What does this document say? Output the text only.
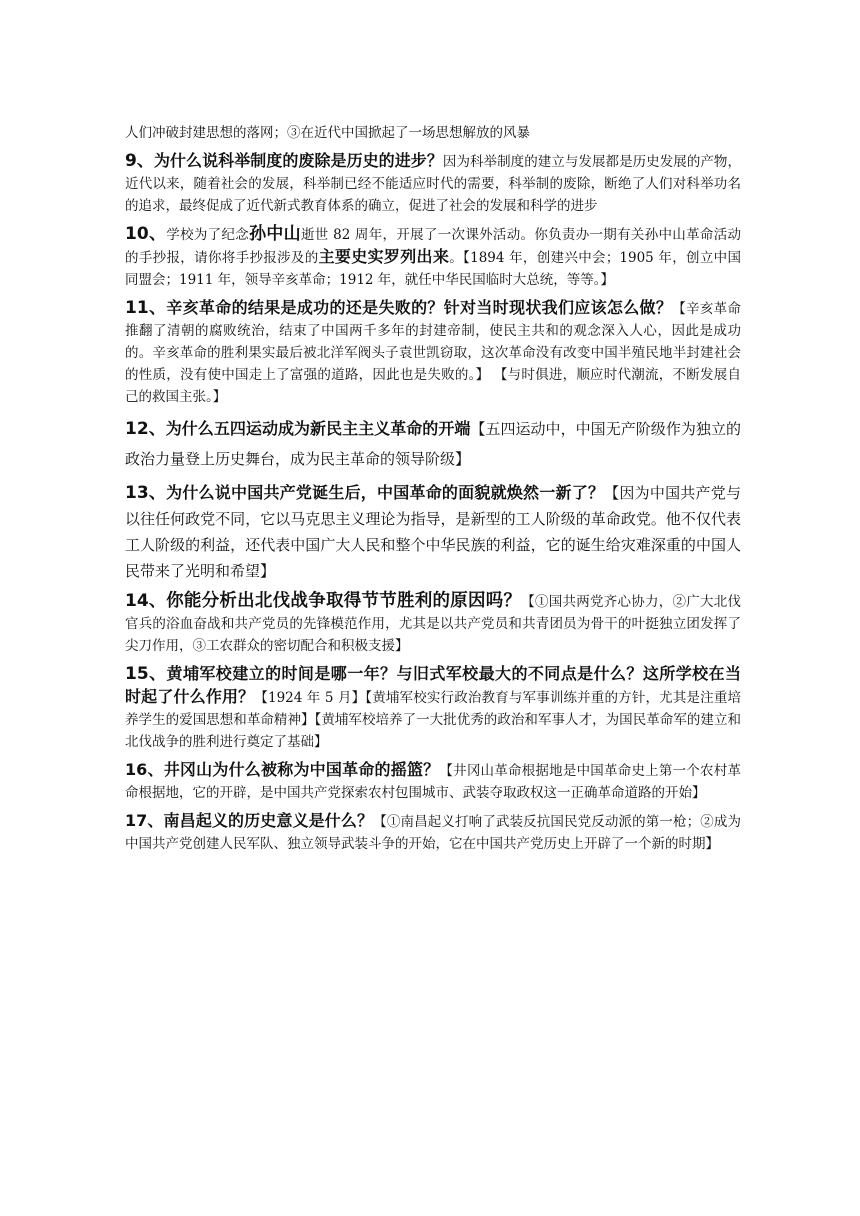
人们冲破封建思想的落网；③在近代中国掀起了一场思想解放的风暴

9、为什么说科举制度的废除是历史的进步？因为科举制度的建立与发展都是历史发展的产物，近代以来，随着社会的发展，科举制已经不能适应时代的需要，科举制的废除，断绝了人们对科举功名的追求，最终促成了近代新式教育体系的确立，促进了社会的发展和科学的进步

10、学校为了纪念孙中山逝世 82 周年，开展了一次课外活动。你负责办一期有关孙中山革命活动的手抄报，请你将手抄报涉及的主要史实罗列出来。【1894 年，创建兴中会；1905 年，创立中国同盟会；1911 年，领导辛亥革命；1912 年，就任中华民国临时大总统，等等。】

11、辛亥革命的结果是成功的还是失败的？针对当时现状我们应该怎么做？【辛亥革命推翻了清朝的腐败统治，结束了中国两千多年的封建帝制，使民主共和的观念深入人心，因此是成功的。辛亥革命的胜利果实最后被北洋军阀头子袁世凯窃取，这次革命没有改变中国半殖民地半封建社会的性质，没有使中国走上了富强的道路，因此也是失败的。】 【与时俱进，顺应时代潮流，不断发展自己的救国主张。】

12、为什么五四运动成为新民主主义革命的开端【五四运动中，中国无产阶级作为独立的政治力量登上历史舞台，成为民主革命的领导阶级】

13、为什么说中国共产党诞生后，中国革命的面貌就焕然一新了？【因为中国共产党与以往任何政党不同，它以马克思主义理论为指导，是新型的工人阶级的革命政党。他不仅代表工人阶级的利益，还代表中国广大人民和整个中华民族的利益，它的诞生给灾难深重的中国人民带来了光明和希望】

14、你能分析出北伐战争取得节节胜利的原因吗？【①国共两党齐心协力，②广大北伐官兵的浴血奋战和共产党员的先锋模范作用，尤其是以共产党员和共青团员为骨干的叶挺独立团发挥了尖刀作用，③工农群众的密切配合和积极支援】

15、黄埔军校建立的时间是哪一年？与旧式军校最大的不同点是什么？这所学校在当时起了什么作用？【1924 年 5 月】【黄埔军校实行政治教育与军事训练并重的方针，尤其是注重培养学生的爱国思想和革命精神】【黄埔军校培养了一大批优秀的政治和军事人才，为国民革命军的建立和北伐战争的胜利进行奠定了基础】

16、井冈山为什么被称为中国革命的摇篮？【井冈山革命根据地是中国革命史上第一个农村革命根据地，它的开辟，是中国共产党探索农村包围城市、武装夺取政权这一正确革命道路的开始】

17、南昌起义的历史意义是什么？【①南昌起义打响了武装反抗国民党反动派的第一枪；②成为中国共产党创建人民军队、独立领导武装斗争的开始，它在中国共产党历史上开辟了一个新的时期】
